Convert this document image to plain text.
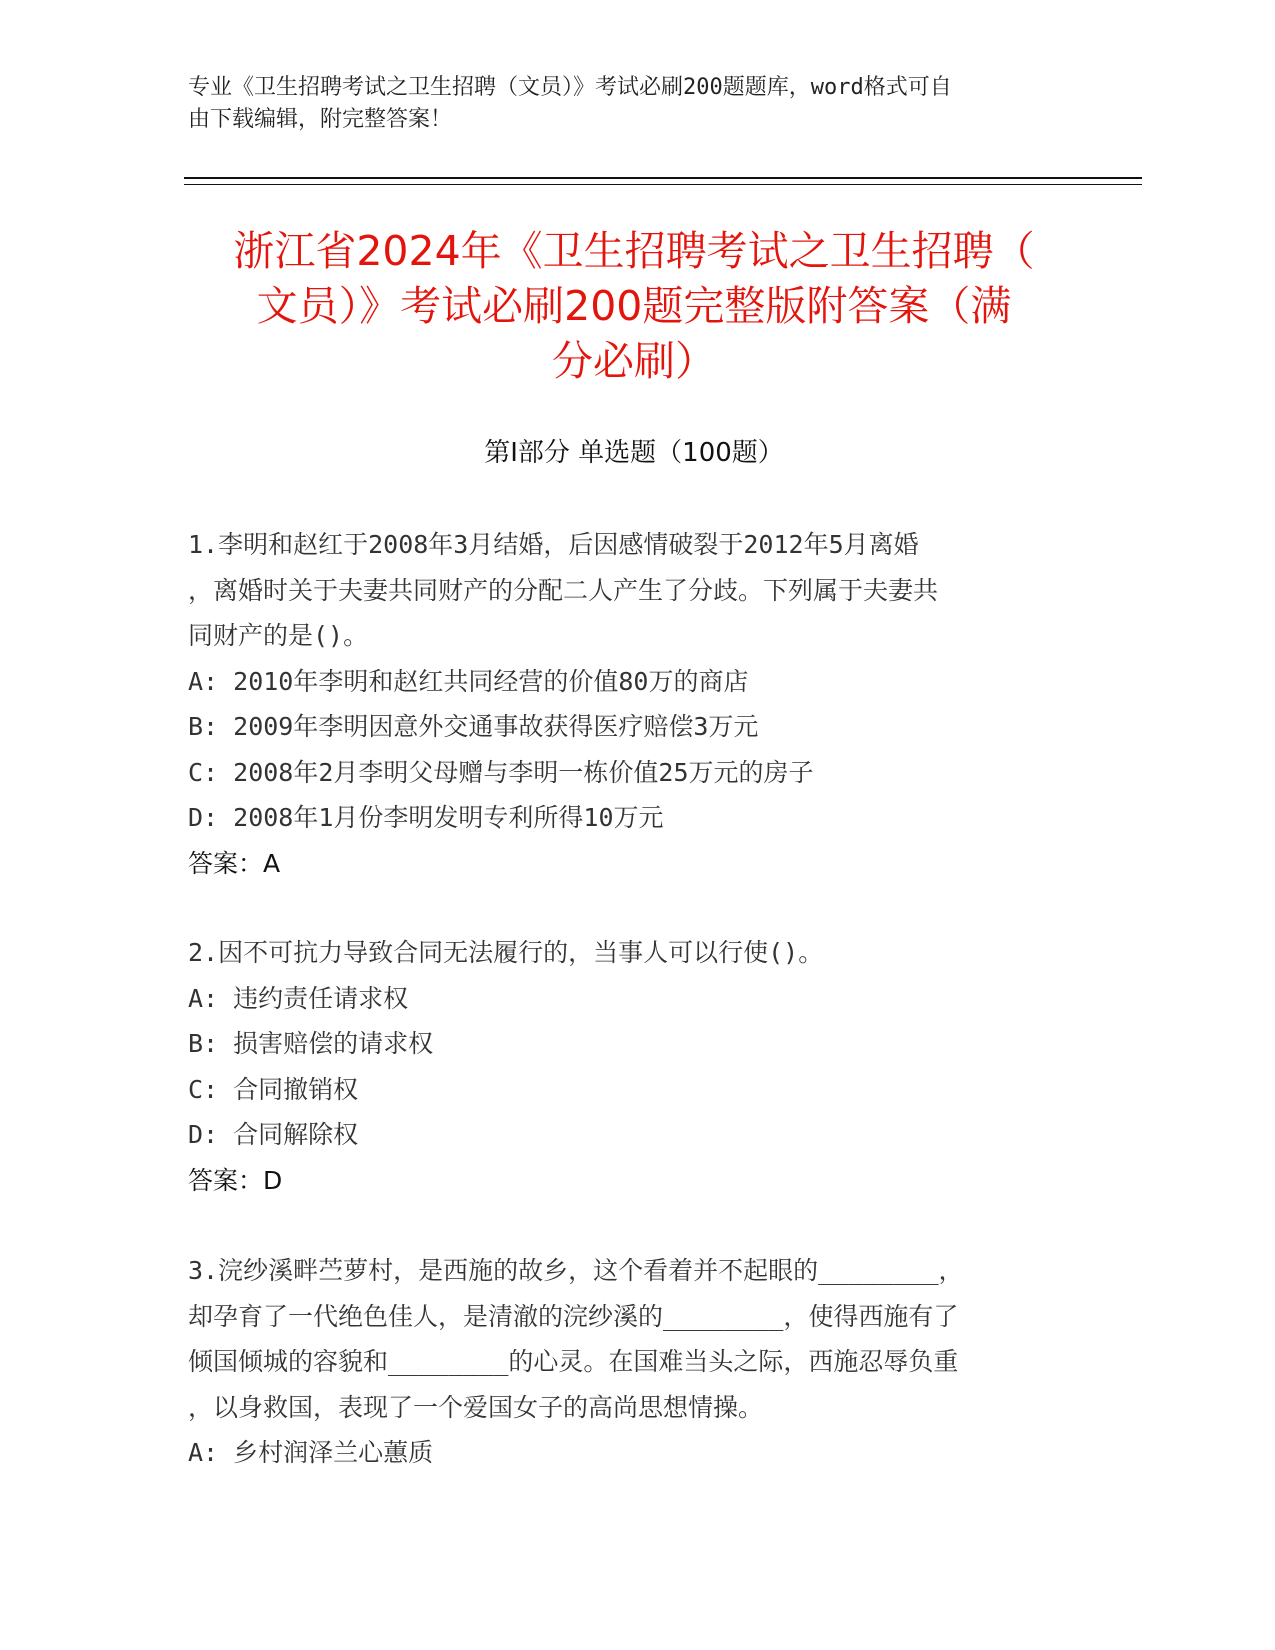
专业《卫生招聘考试之卫生招聘（文员）》考试必刷200题题库，word格式可自
由下载编辑，附完整答案！
浙江省2024年《卫生招聘考试之卫生招聘（
文员）》考试必刷200题完整版附答案（满
分必刷）
第Ⅰ部分 单选题（100题）
1.李明和赵红于2008年3月结婚，后因感情破裂于2012年5月离婚
，离婚时关于夫妻共同财产的分配二人产生了分歧。下列属于夫妻共
同财产的是()。
A: 2010年李明和赵红共同经营的价值80万的商店
B: 2009年李明因意外交通事故获得医疗赔偿3万元
C: 2008年2月李明父母赠与李明一栋价值25万元的房子
D: 2008年1月份李明发明专利所得10万元
答案：A
2.因不可抗力导致合同无法履行的，当事人可以行使()。
A: 违约责任请求权
B: 损害赔偿的请求权
C: 合同撤销权
D: 合同解除权
答案：D
3.浣纱溪畔苎萝村，是西施的故乡，这个看着并不起眼的________，
却孕育了一代绝色佳人，是清澈的浣纱溪的________，使得西施有了
倾国倾城的容貌和________的心灵。在国难当头之际，西施忍辱负重
，以身救国，表现了一个爱国女子的高尚思想情操。
A: 乡村润泽兰心蕙质
